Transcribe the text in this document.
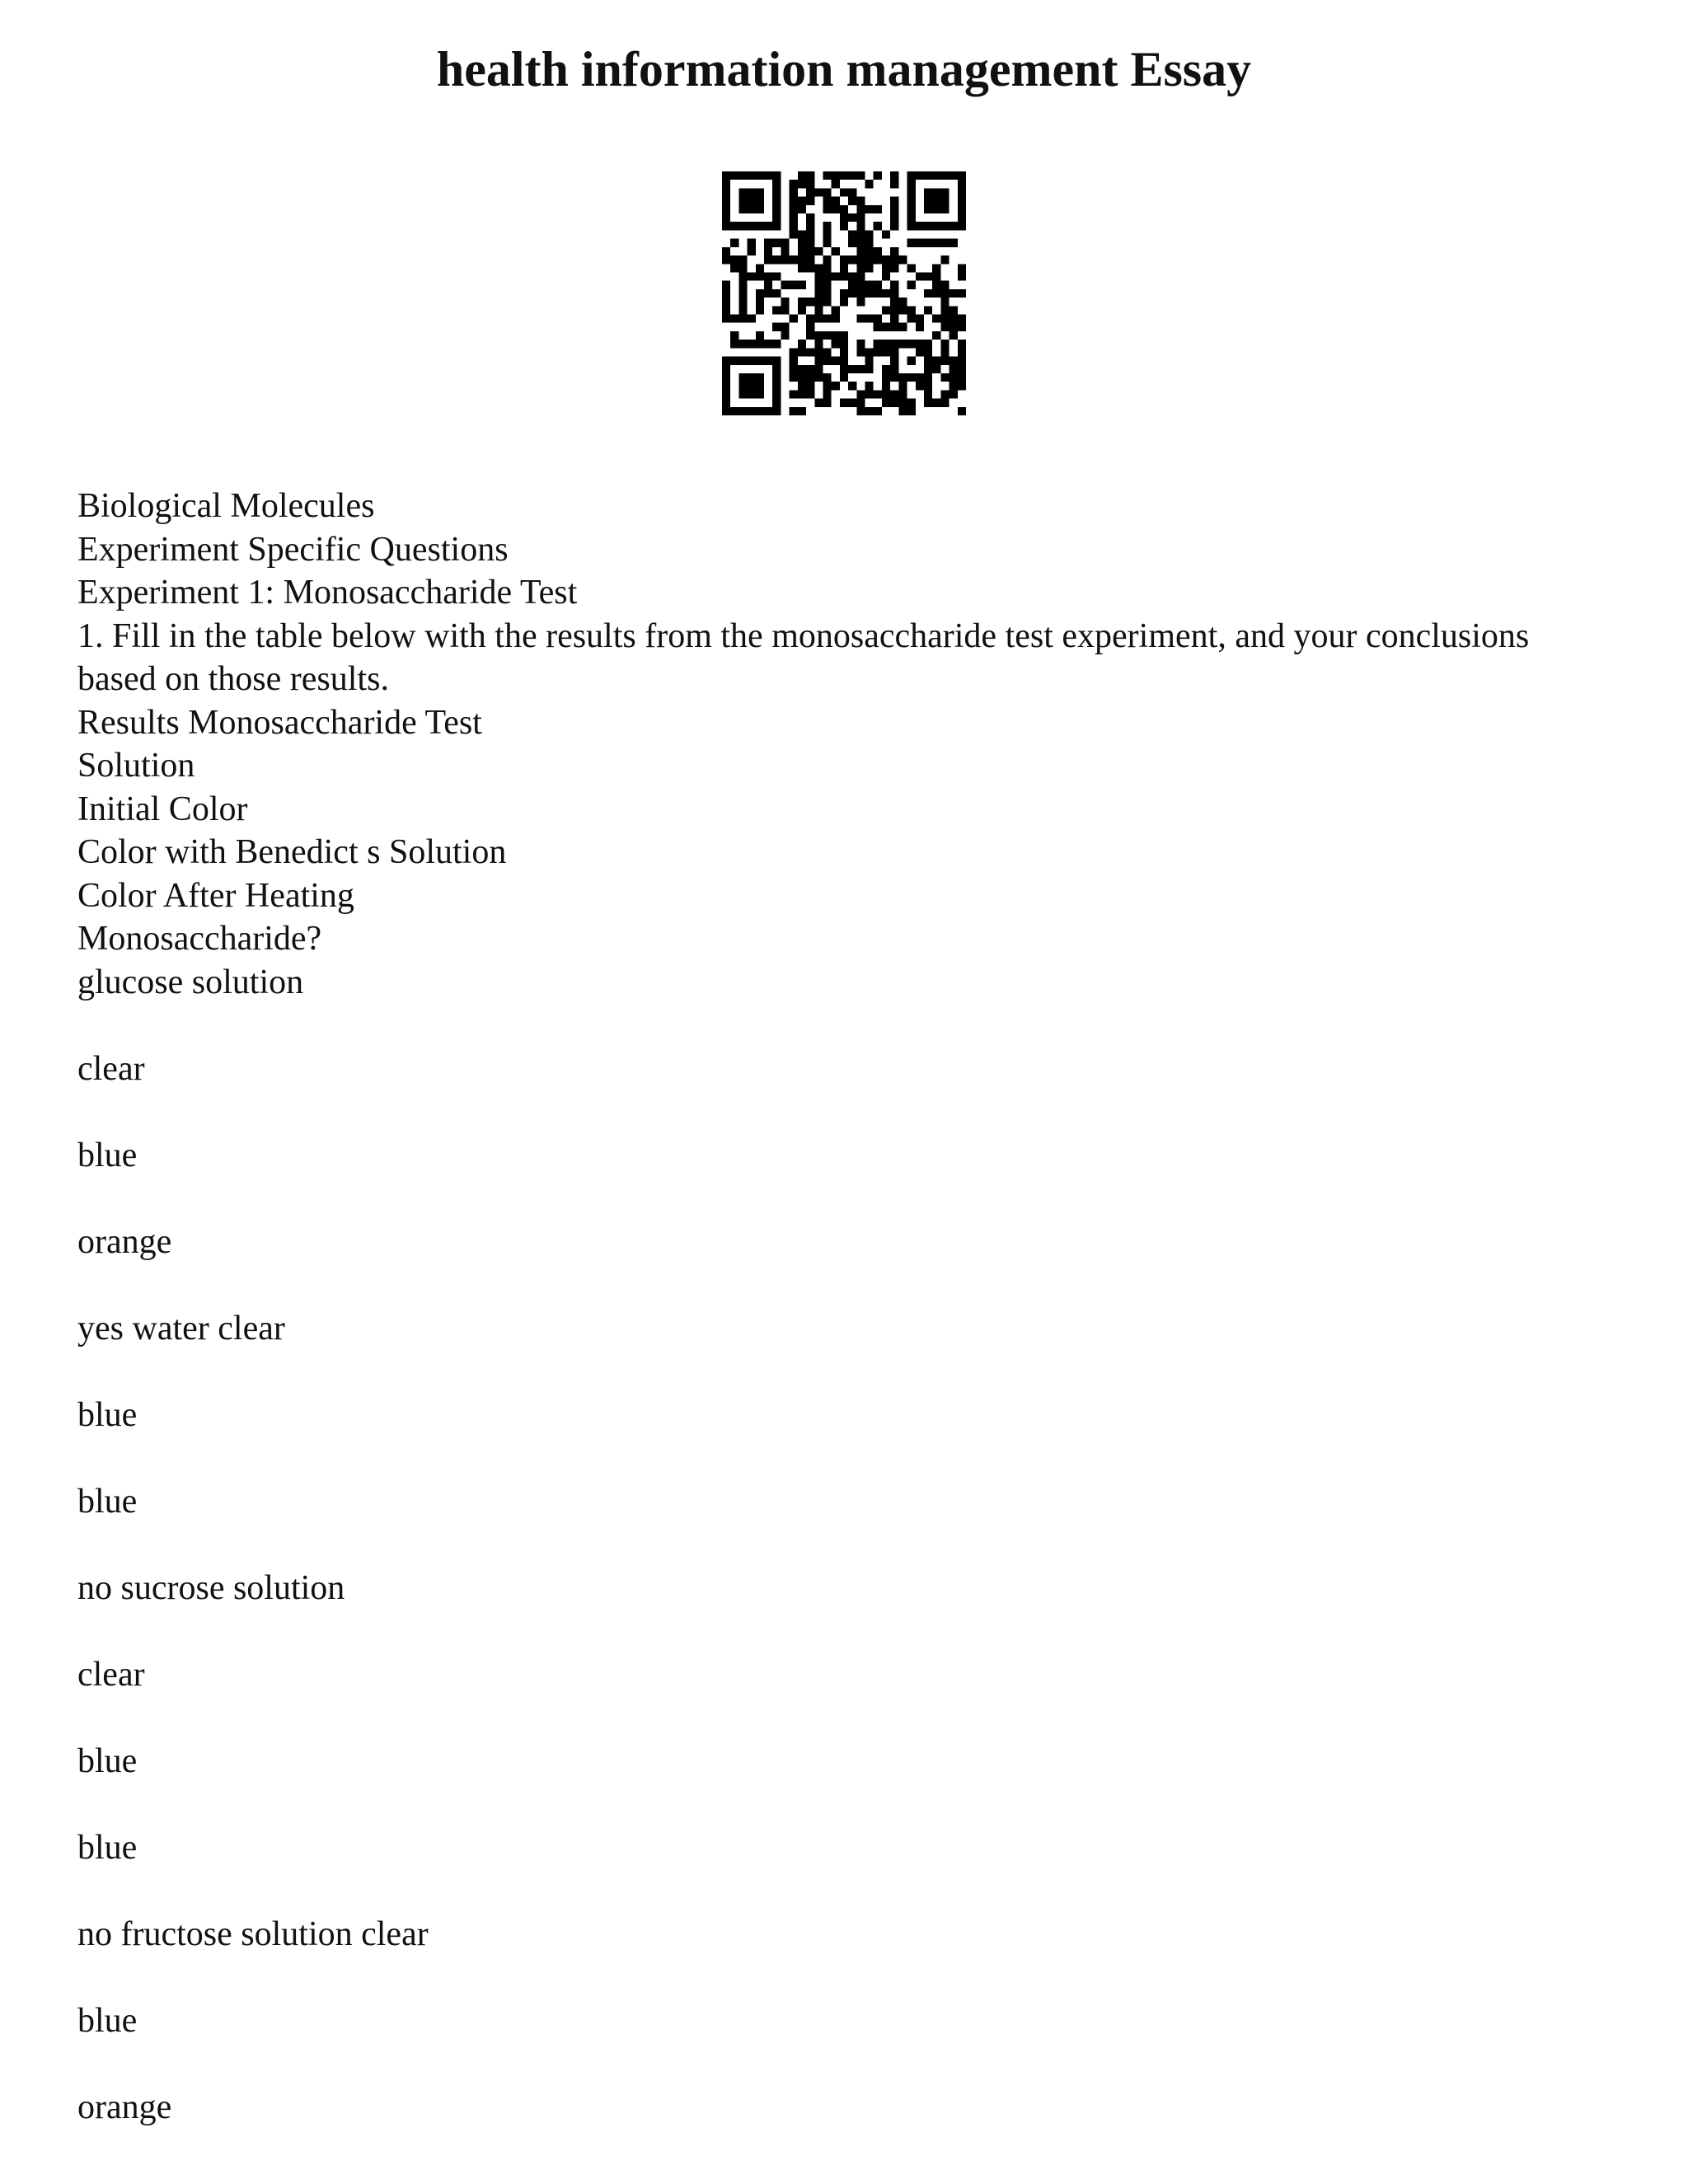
health information management Essay

Biological Molecules

Experiment Specific Questions

Experiment 1: Monosaccharide Test

1. Fill in the table below with the results from the monosaccharide test experiment, and your conclusions based on those results.

Results Monosaccharide Test

Solution

Initial Color

Color with Benedict s Solution

Color After Heating

Monosaccharide?

glucose solution

clear

blue

orange

yes water clear

blue

blue

no sucrose solution

clear

blue

blue

no fructose solution clear

blue

orange
